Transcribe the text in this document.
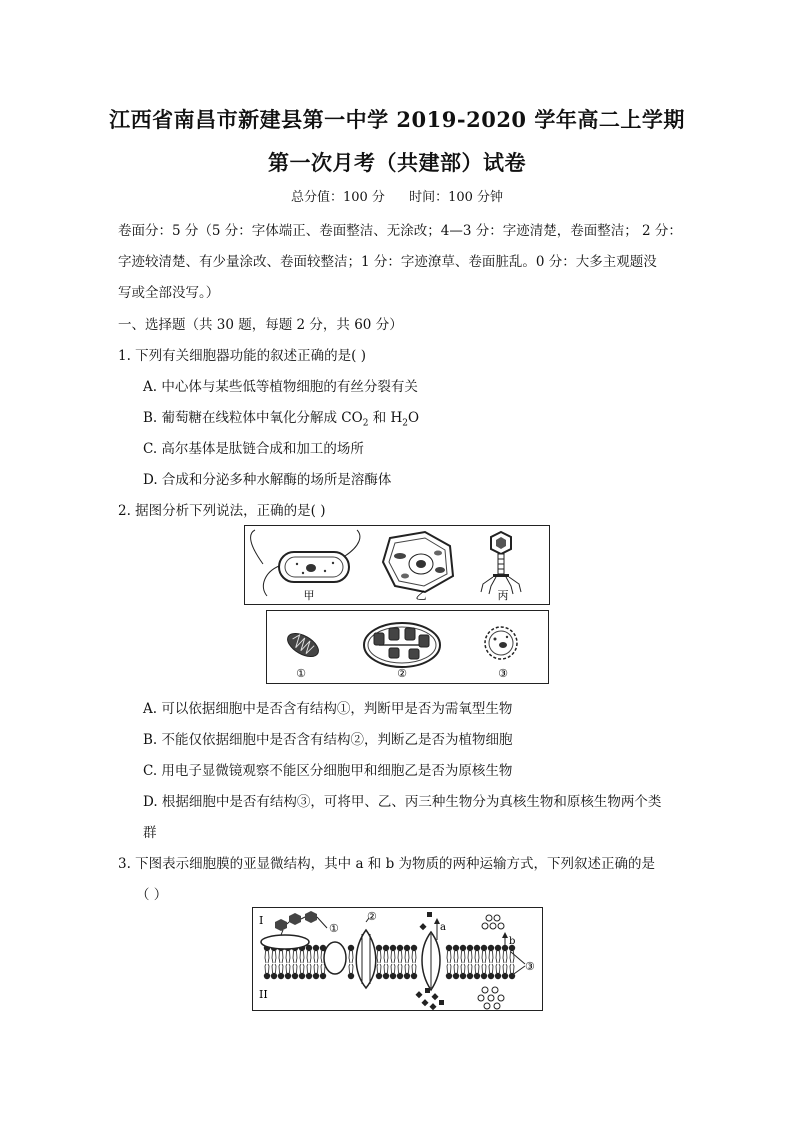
江西省南昌市新建县第一中学 2019-2020 学年高二上学期
第一次月考（共建部）试卷
总分值：100 分 时间：100 分钟
卷面分：5 分（5 分：字体端正、卷面整洁、无涂改；4—3 分：字迹清楚，卷面整洁； 2 分：
字迹较清楚、有少量涂改、卷面较整洁；1 分：字迹潦草、卷面脏乱。0 分：大多主观题没
写或全部没写。）
一、选择题（共 30 题，每题 2 分，共 60 分）
1. 下列有关细胞器功能的叙述正确的是( )
A. 中心体与某些低等植物细胞的有丝分裂有关
B. 葡萄糖在线粒体中氧化分解成 $CO_2$ 和 $H_2O$
C. 高尔基体是肽链合成和加工的场所
D. 合成和分泌多种水解酶的场所是溶酶体
2. 据图分析下列说法，正确的是( )
甲	乙	丙
①	②	③
A. 可以依据细胞中是否含有结构①，判断甲是否为需氧型生物
B. 不能仅依据细胞中是否含有结构②，判断乙是否为植物细胞
C. 用电子显微镜观察不能区分细胞甲和细胞乙是否为原核生物
D. 根据细胞中是否有结构③，可将甲、乙、丙三种生物分为真核生物和原核生物两个类
群
3. 下图表示细胞膜的亚显微结构，其中 a 和 b 为物质的两种运输方式，下列叙述正确的是
（ ）
I
II
①
②
a
b
③
